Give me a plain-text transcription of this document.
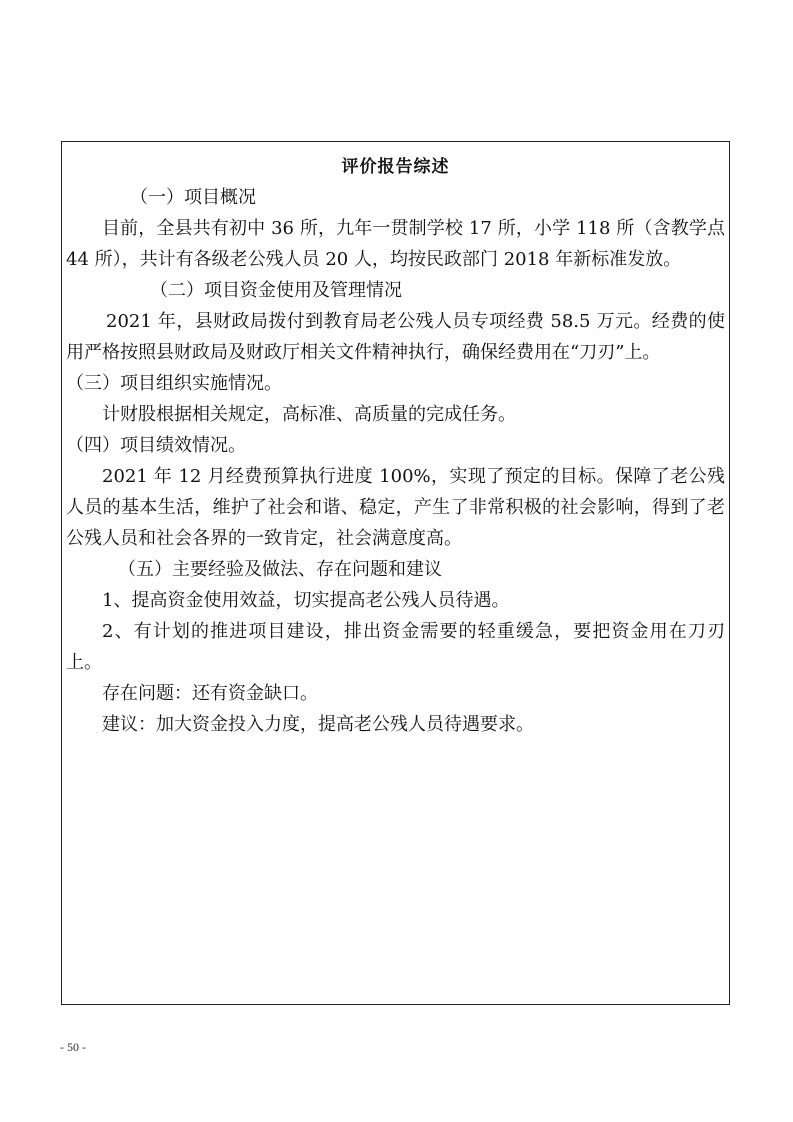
评价报告综述

（一）项目概况

目前，全县共有初中 36 所，九年一贯制学校 17 所，小学 118 所（含教学点 44 所），共计有各级老公残人员 20 人，均按民政部门 2018 年新标准发放。

（二）项目资金使用及管理情况

2021 年，县财政局拨付到教育局老公残人员专项经费 58.5 万元。经费的使用严格按照县财政局及财政厅相关文件精神执行，确保经费用在“刀刃”上。

（三）项目组织实施情况。

计财股根据相关规定，高标准、高质量的完成任务。

（四）项目绩效情况。

2021 年 12 月经费预算执行进度 100%，实现了预定的目标。保障了老公残人员的基本生活，维护了社会和谐、稳定，产生了非常积极的社会影响，得到了老公残人员和社会各界的一致肯定，社会满意度高。

（五）主要经验及做法、存在问题和建议

1、提高资金使用效益，切实提高老公残人员待遇。

2、有计划的推进项目建设，排出资金需要的轻重缓急，要把资金用在刀刃上。

存在问题：还有资金缺口。

建议：加大资金投入力度，提高老公残人员待遇要求。

- 50 -
